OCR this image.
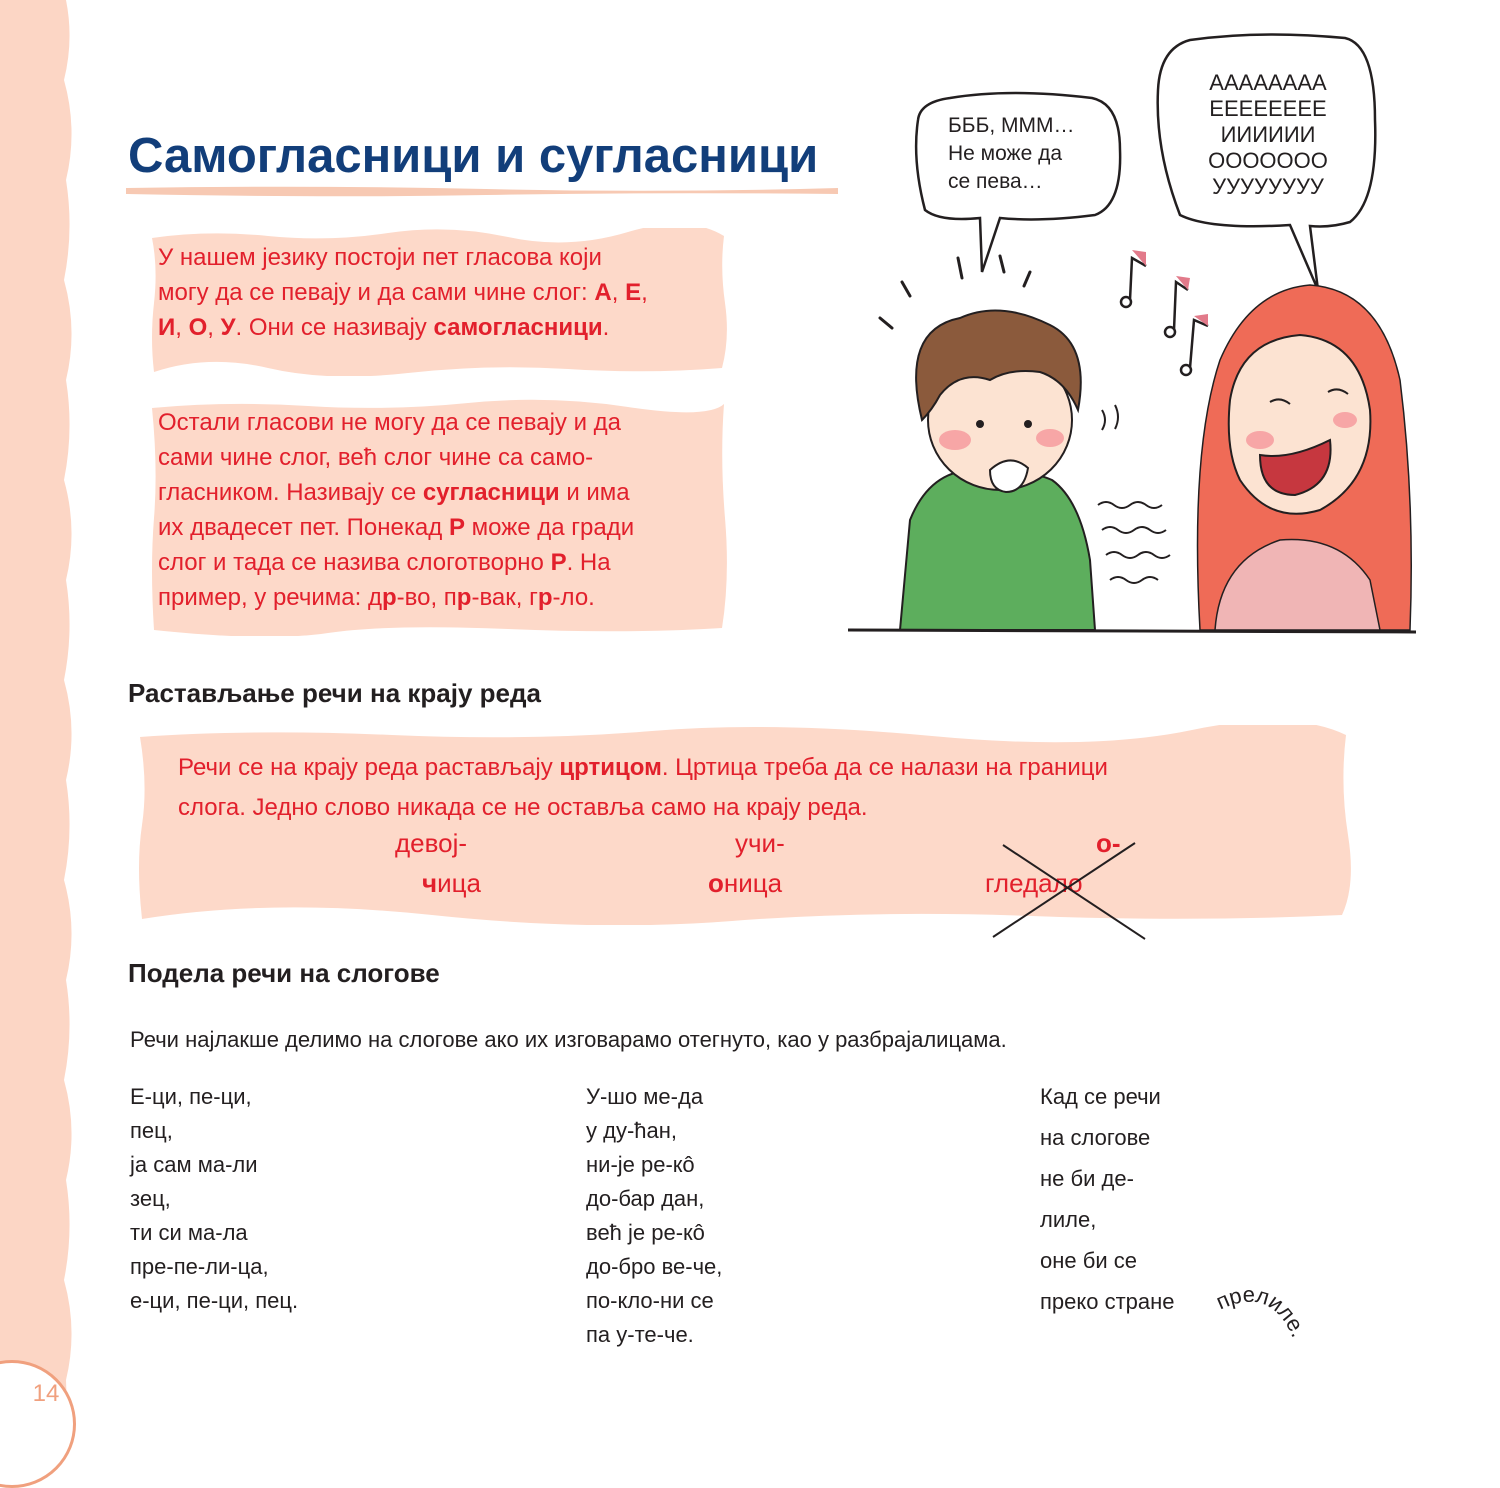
14
Самогласници и сугласници
У нашем језику постоји пет гласова који
могу да се певају и да сами чине слог: А, Е,
И, О, У. Они се називају самогласници.
Остали гласови не могу да се певају и да
сами чине слог, већ слог чине са само-
гласником. Називају се сугласници и има
их двадесет пет. Понекад Р може да гради
слог и тада се назива слоготворно Р. На
пример, у речима: др-во, пр-вак, гр-ло.
БББ, МММ…
Не може да
се пева…
АААААААА
ЕЕЕЕЕЕЕЕ
ИИИИИИ
ООООООО
УУУУУУУУ
Растављање речи на крају реда
Речи се на крају реда растављају цртицом. Цртица треба да се налази на граници
слога. Једно слово никада се не оставља само на крају реда.
девој-
чица
учи-
оница
о-
гледало
Подела речи на слогове
Речи најлакше делимо на слогове ако их изговарамо отегнуто, као у разбрајалицама.
Е-ци, пе-ци,
пец,
ја сам ма-ли
зец,
ти си ма-ла
пре-пе-ли-ца,
е-ци, пе-ци, пец.
У-шо ме-да
у ду-ћан,
ни-је ре-кô
до-бар дан,
већ је ре-кô
до-бро ве-че,
по-кло-ни се
па у-те-че.
Кад се речи
на слогове
не би де-
лиле,
оне би се
преко стране прелиле.
